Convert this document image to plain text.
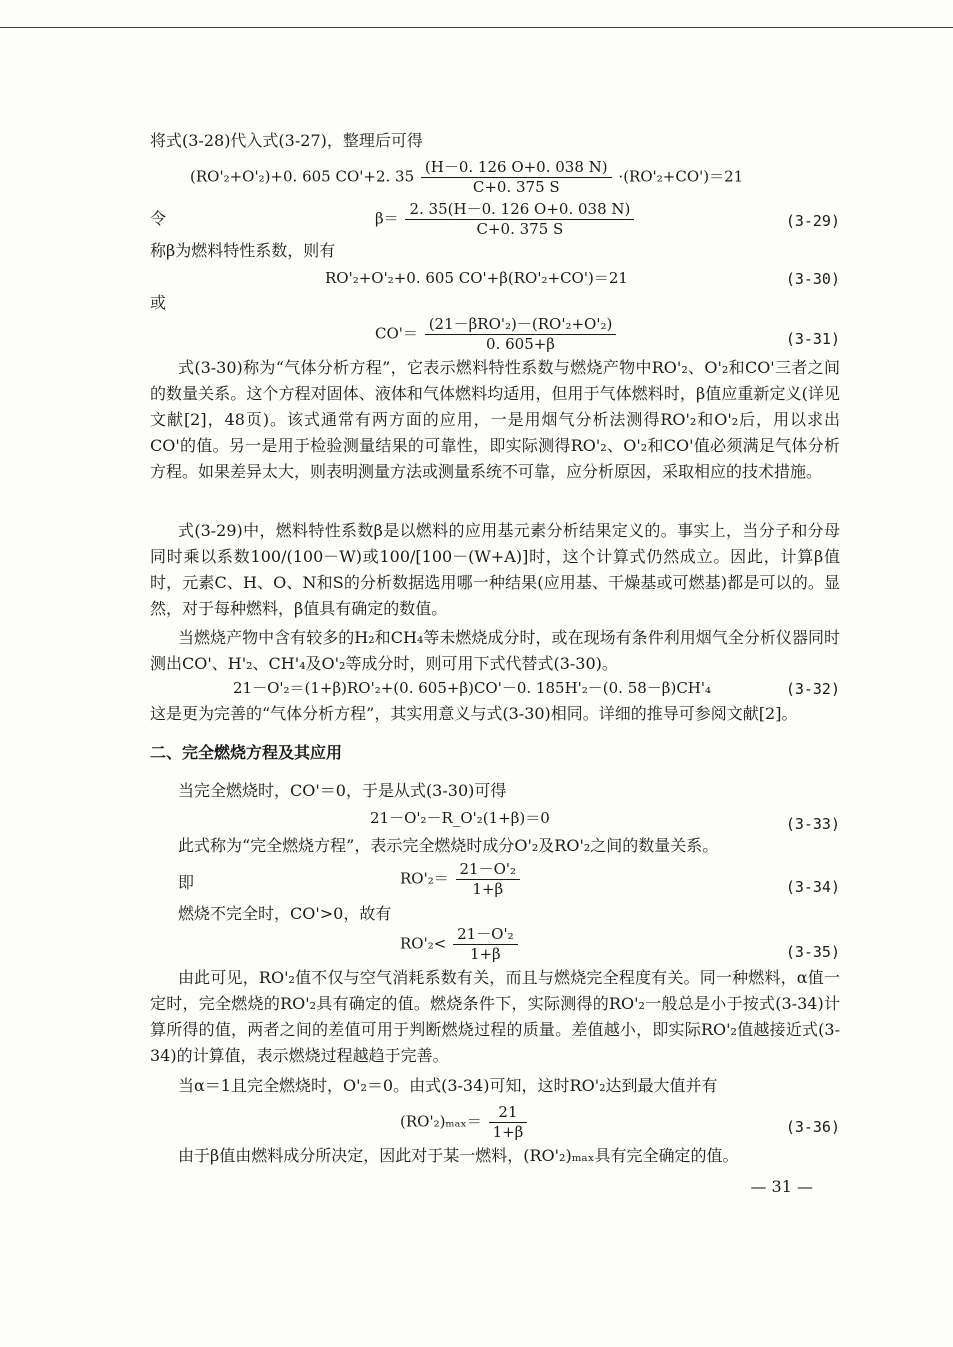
将式(3-28)代入式(3-27)，整理后可得
(RO'₂+O'₂)+0. 605 CO'+2. $35 \frac{(H-0. 126 O+0. 038 N)}{C+0. 375 S} \cdot(RO'_2+CO')=21$
令	$\beta= \frac{2. 35(H-0. 126 O+0. 038 N)}{C+0. 375 S}$	(3-29)
称β为燃料特性系数，则有
RO'₂+O'₂+0. 605 CO'+β(RO'₂+CO')＝21	(3-30)
或
$CO'= \frac{\text{(21－βRO'₂)－(RO'₂+O'₂)}}{0. 605+\beta}$	(3-31)
式(3-30)称为“气体分析方程”，它表示燃料特性系数与燃烧产物中RO'₂、O'₂和CO'三者之间的数量关系。这个方程对固体、液体和气体燃料均适用，但用于气体燃料时，β值应重新定义(详见文献[2]，48页)。该式通常有两方面的应用，一是用烟气分析法测得RO'₂和O'₂后，用以求出CO'的值。另一是用于检验测量结果的可靠性，即实际测得RO'₂、O'₂和CO'值必须满足气体分析方程。如果差异太大，则表明测量方法或测量系统不可靠，应分析原因，采取相应的技术措施。
式(3-29)中，燃料特性系数β是以燃料的应用基元素分析结果定义的。事实上，当分子和分母同时乘以系数100/(100－W)或100/[100－(W+A)]时，这个计算式仍然成立。因此，计算β值时，元素C、H、O、N和S的分析数据选用哪一种结果(应用基、干燥基或可燃基)都是可以的。显然，对于每种燃料，β值具有确定的数值。
当燃烧产物中含有较多的H₂和CH₄等未燃烧成分时，或在现场有条件利用烟气全分析仪器同时测出CO'、H'₂、CH'₄及O'₂等成分时，则可用下式代替式(3-30)。
21－O'₂＝(1+β)RO'₂+(0. 605+β)CO'－0. 185H'₂－(0. 58－β)CH'₄	(3-32)
这是更为完善的“气体分析方程”，其实用意义与式(3-30)相同。详细的推导可参阅文献[2]。
二、完全燃烧方程及其应用
当完全燃烧时，CO'＝0，于是从式(3-30)可得
21－O'₂－R_O'₂(1+β)＝0	(3-33)
此式称为“完全燃烧方程”，表示完全燃烧时成分O'₂及RO'₂之间的数量关系。
即	$RO'_2= \frac{\text{21－O'₂}}{1+\beta}$	(3-34)
燃烧不完全时，CO'>0，故有
$RO'_2< \frac{\text{21－O'₂}}{1+\beta}$	(3-35)
由此可见，RO'₂值不仅与空气消耗系数有关，而且与燃烧完全程度有关。同一种燃料，α值一定时，完全燃烧的RO'₂具有确定的值。燃烧条件下，实际测得的RO'₂一般总是小于按式(3-34)计算所得的值，两者之间的差值可用于判断燃烧过程的质量。差值越小，即实际RO'₂值越接近式(3-34)的计算值，表示燃烧过程越趋于完善。
当α＝1且完全燃烧时，O'₂＝0。由式(3-34)可知，这时RO'₂达到最大值并有
$(RO'_2)_{max}= \frac{21}{1+\beta}$	(3-36)
由于β值由燃料成分所决定，因此对于某一燃料，(RO'₂)ₘₐₓ具有完全确定的值。
— 31 —
